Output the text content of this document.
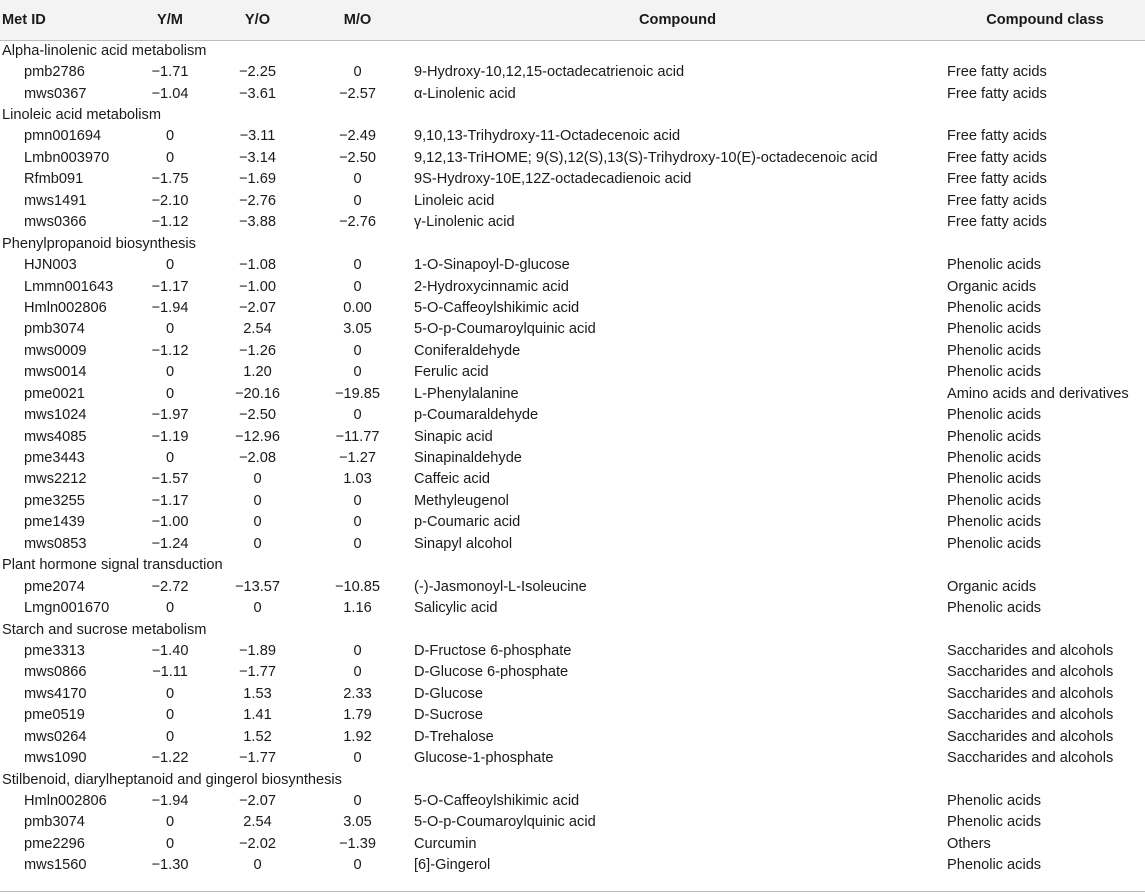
Met ID	Y/M	Y/O	M/O	Compound	Compound class
Alpha-linolenic acid metabolism					
pmb2786	−1.71	−2.25	0	9-Hydroxy-10,12,15-octadecatrienoic acid	Free fatty acids
mws0367	−1.04	−3.61	−2.57	α-Linolenic acid	Free fatty acids
Linoleic acid metabolism					
pmn001694	0	−3.11	−2.49	9,10,13-Trihydroxy-11-Octadecenoic acid	Free fatty acids
Lmbn003970	0	−3.14	−2.50	9,12,13-TriHOME; 9(S),12(S),13(S)-Trihydroxy-10(E)-octadecenoic acid	Free fatty acids
Rfmb091	−1.75	−1.69	0	9S-Hydroxy-10E,12Z-octadecadienoic acid	Free fatty acids
mws1491	−2.10	−2.76	0	Linoleic acid	Free fatty acids
mws0366	−1.12	−3.88	−2.76	γ-Linolenic acid	Free fatty acids
Phenylpropanoid biosynthesis					
HJN003	0	−1.08	0	1-O-Sinapoyl-D-glucose	Phenolic acids
Lmmn001643	−1.17	−1.00	0	2-Hydroxycinnamic acid	Organic acids
Hmln002806	−1.94	−2.07	0.00	5-O-Caffeoylshikimic acid	Phenolic acids
pmb3074	0	2.54	3.05	5-O-p-Coumaroylquinic acid	Phenolic acids
mws0009	−1.12	−1.26	0	Coniferaldehyde	Phenolic acids
mws0014	0	1.20	0	Ferulic acid	Phenolic acids
pme0021	0	−20.16	−19.85	L-Phenylalanine	Amino acids and derivatives
mws1024	−1.97	−2.50	0	p-Coumaraldehyde	Phenolic acids
mws4085	−1.19	−12.96	−11.77	Sinapic acid	Phenolic acids
pme3443	0	−2.08	−1.27	Sinapinaldehyde	Phenolic acids
mws2212	−1.57	0	1.03	Caffeic acid	Phenolic acids
pme3255	−1.17	0	0	Methyleugenol	Phenolic acids
pme1439	−1.00	0	0	p-Coumaric acid	Phenolic acids
mws0853	−1.24	0	0	Sinapyl alcohol	Phenolic acids
Plant hormone signal transduction					
pme2074	−2.72	−13.57	−10.85	(-)-Jasmonoyl-L-Isoleucine	Organic acids
Lmgn001670	0	0	1.16	Salicylic acid	Phenolic acids
Starch and sucrose metabolism					
pme3313	−1.40	−1.89	0	D-Fructose 6-phosphate	Saccharides and alcohols
mws0866	−1.11	−1.77	0	D-Glucose 6-phosphate	Saccharides and alcohols
mws4170	0	1.53	2.33	D-Glucose	Saccharides and alcohols
pme0519	0	1.41	1.79	D-Sucrose	Saccharides and alcohols
mws0264	0	1.52	1.92	D-Trehalose	Saccharides and alcohols
mws1090	−1.22	−1.77	0	Glucose-1-phosphate	Saccharides and alcohols
Stilbenoid, diarylheptanoid and gingerol biosynthesis					
Hmln002806	−1.94	−2.07	0	5-O-Caffeoylshikimic acid	Phenolic acids
pmb3074	0	2.54	3.05	5-O-p-Coumaroylquinic acid	Phenolic acids
pme2296	0	−2.02	−1.39	Curcumin	Others
mws1560	−1.30	0	0	[6]-Gingerol	Phenolic acids
